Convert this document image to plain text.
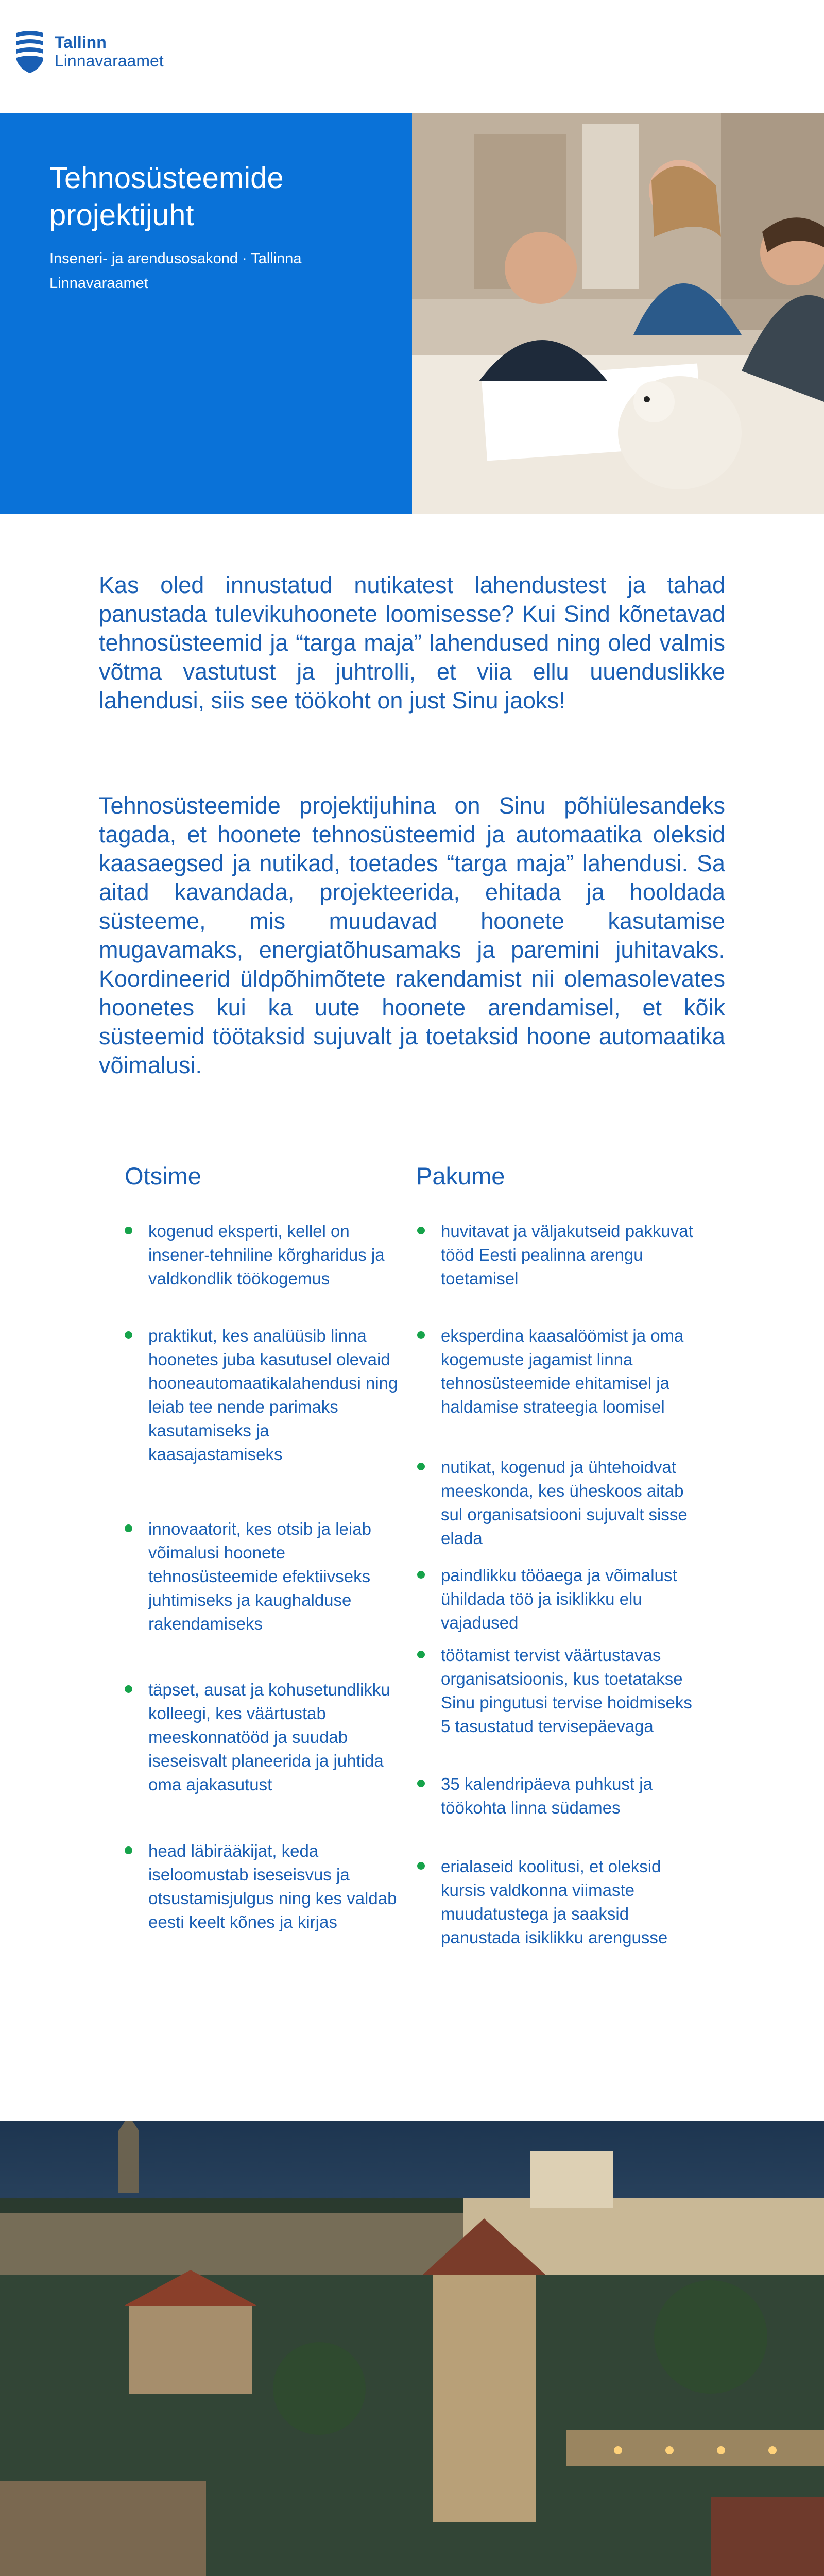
Tallinn
Linnavaraamet
Tehnosüsteemide projektijuht
Inseneri- ja arendusosakond · Tallinna Linnavaraamet
Kas oled innustatud nutikatest lahendustest ja tahad panustada tulevikuhoonete loomisesse? Kui Sind kõnetavad tehnosüsteemid ja “targa maja” lahendused ning oled valmis võtma vastutust ja juhtrolli, et viia ellu uuenduslikke lahendusi, siis see töökoht on just Sinu jaoks!
Tehnosüsteemide projektijuhina on Sinu põhiülesandeks tagada, et hoonete tehnosüsteemid ja automaatika oleksid kaasaegsed ja nutikad, toetades “targa maja” lahendusi. Sa aitad kavandada, projekteerida, ehitada ja hooldada süsteeme, mis muudavad hoonete kasutamise mugavamaks, energiatõhusamaks ja paremini juhitavaks. Koordineerid üldpõhimõtete rakendamist nii olemasolevates hoonetes kui ka uute hoonete arendamisel, et kõik süsteemid töötaksid sujuvalt ja toetaksid hoone automaatika võimalusi.
Otsime
kogenud eksperti, kellel on insener-tehniline kõrgharidus ja valdkondlik töökogemus
praktikut, kes analüüsib linna hoonetes juba kasutusel olevaid hooneautomaatikalahendusi ning leiab tee nende parimaks kasutamiseks ja kaasajastamiseks
innovaatorit, kes otsib ja leiab võimalusi hoonete tehnosüsteemide efektiivseks juhtimiseks ja kaughalduse rakendamiseks
täpset, ausat ja kohusetundlikku kolleegi, kes väärtustab meeskonnatööd ja suudab iseseisvalt planeerida ja juhtida oma ajakasutust
head läbirääkijat, keda iseloomustab iseseisvus ja otsustamisjulgus ning kes valdab eesti keelt kõnes ja kirjas
Pakume
huvitavat ja väljakutseid pakkuvat tööd Eesti pealinna arengu toetamisel
eksperdina kaasalöömist ja oma kogemuste jagamist linna tehnosüsteemide ehitamisel ja haldamise strateegia loomisel
nutikat, kogenud ja ühtehoidvat meeskonda, kes üheskoos aitab sul organisatsiooni sujuvalt sisse elada
paindlikku tööaega ja võimalust ühildada töö ja isiklikku elu vajadused
töötamist tervist väärtustavas organisatsioonis, kus toetatakse Sinu pingutusi tervise hoidmiseks 5 tasustatud tervisepäevaga
35 kalendripäeva puhkust ja töökohta linna südames
erialaseid koolitusi, et oleksid kursis valdkonna viimaste muudatustega ja saaksid panustada isiklikku arengusse
